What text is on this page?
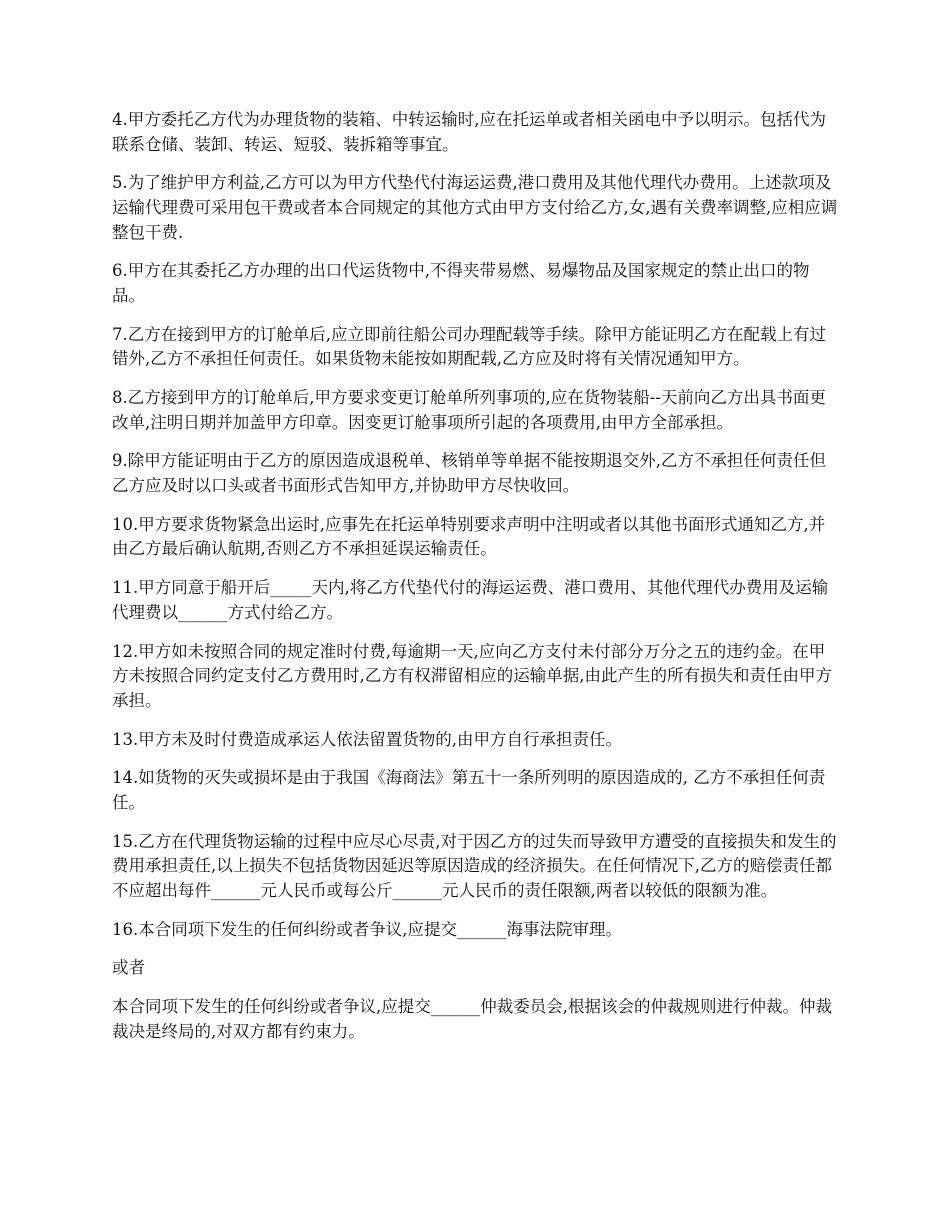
4.甲方委托乙方代为办理货物的装箱、中转运输时,应在托运单或者相关函电中予以明示。包括代为联系仓储、装卸、转运、短驳、装拆箱等事宜。

5.为了维护甲方利益,乙方可以为甲方代垫代付海运运费,港口费用及其他代理代办费用。上述款项及运输代理费可采用包干费或者本合同规定的其他方式由甲方支付给乙方,女,遇有关费率调整,应相应调整包干费.

6.甲方在其委托乙方办理的出口代运货物中,不得夹带易燃、易爆物品及国家规定的禁止出口的物品。

7.乙方在接到甲方的订舱单后,应立即前往船公司办理配载等手续。除甲方能证明乙方在配载上有过错外,乙方不承担任何责任。如果货物未能按如期配载,乙方应及时将有关情况通知甲方。

8.乙方接到甲方的订舱单后,甲方要求变更订舱单所列事项的,应在货物装船--天前向乙方出具书面更改单,注明日期并加盖甲方印章。因变更订舱事项所引起的各项费用,由甲方全部承担。

9.除甲方能证明由于乙方的原因造成退税单、核销单等单据不能按期退交外,乙方不承担任何责任但乙方应及时以口头或者书面形式告知甲方,并协助甲方尽快收回。

10.甲方要求货物紧急出运时,应事先在托运单特别要求声明中注明或者以其他书面形式通知乙方,并由乙方最后确认航期,否则乙方不承担延误运输责任。

11.甲方同意于船开后_____天内,将乙方代垫代付的海运运费、港口费用、其他代理代办费用及运输代理费以______方式付给乙方。

12.甲方如未按照合同的规定准时付费,每逾期一天,应向乙方支付未付部分万分之五的违约金。在甲方未按照合同约定支付乙方费用时,乙方有权滞留相应的运输单据,由此产生的所有损失和责任由甲方承担。

13.甲方未及时付费造成承运人依法留置货物的,由甲方自行承担责任。

14.如货物的灭失或损坏是由于我国《海商法》第五十一条所列明的原因造成的, 乙方不承担任何责任。

15.乙方在代理货物运输的过程中应尽心尽责,对于因乙方的过失而导致甲方遭受的直接损失和发生的费用承担责任,以上损失不包括货物因延迟等原因造成的经济损失。在任何情况下,乙方的赔偿责任都不应超出每件______元人民币或每公斤______元人民币的责任限额,两者以较低的限额为准。

16.本合同项下发生的任何纠纷或者争议,应提交______海事法院审理。

或者

本合同项下发生的任何纠纷或者争议,应提交______仲裁委员会,根据该会的仲裁规则进行仲裁。仲裁裁决是终局的,对双方都有约束力。
